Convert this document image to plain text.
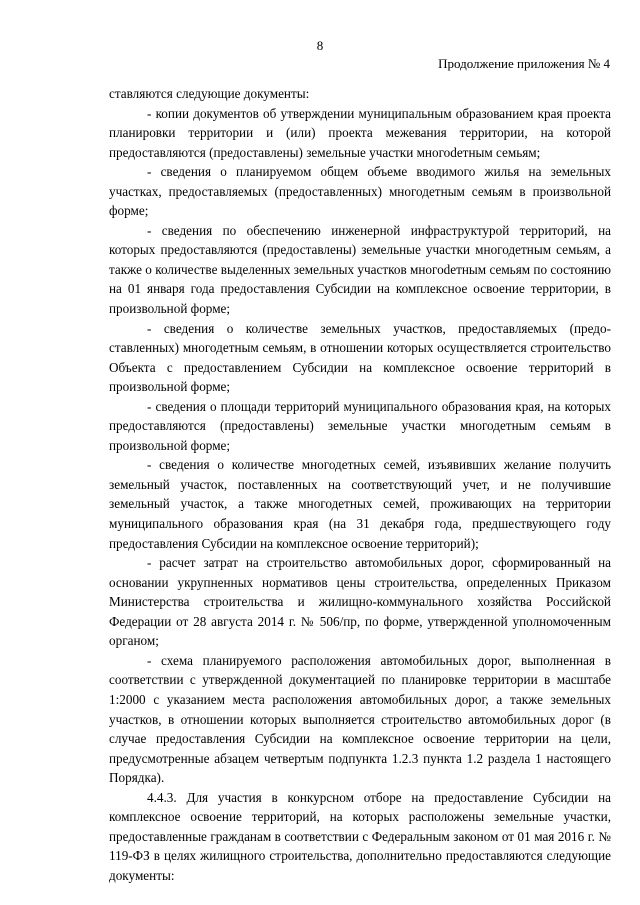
8
Продолжение приложения № 4

ставляются следующие документы:

- копии документов об утверждении муниципальным образованием края проекта планировки территории и (или) проекта межевания территории, на которой предоставляются (предоставлены) земельные участки многоdетным семьям;

- сведения о планируемом общем объеме вводимого жилья на земельных участках, предоставляемых (предоставленных) многодетным семьям в произвольной форме;

- сведения по обеспечению инженерной инфраструктурой территорий, на которых предоставляются (предоставлены) земельные участки многодетным семьям, а также о количестве выделенных земельных участков многоdетным семьям по состоянию на 01 января года предоставления Субсидии на комплексное освоение территории, в произвольной форме;

- сведения о количестве земельных участков, предоставляемых (предоставленных) многодетным семьям, в отношении которых осуществляется строительство Объекта с предоставлением Субсидии на комплексное освоение территорий в произвольной форме;

- сведения о площади территорий муниципального образования края, на которых предоставляются (предоставлены) земельные участки многодетным семьям в произвольной форме;

- сведения о количестве многодетных семей, изъявивших желание получить земельный участок, поставленных на соответствующий учет, и не получившие земельный участок, а также многодетных семей, проживающих на территории муниципального образования края (на 31 декабря года, предшествующего году предоставления Субсидии на комплексное освоение территорий);

- расчет затрат на строительство автомобильных дорог, сформированный на основании укрупненных нормативов цены строительства, определенных Приказом Министерства строительства и жилищно-коммунального хозяйства Российской Федерации от 28 августа 2014 г. № 506/пр, по форме, утвержденной уполномоченным органом;

- схема планируемого расположения автомобильных дорог, выполненная в соответствии с утвержденной документацией по планировке территории в масштабе 1:2000 с указанием места расположения автомобильных дорог, а также земельных участков, в отношении которых выполняется строительство автомобильных дорог (в случае предоставления Субсидии на комплексное освоение территории на цели, предусмотренные абзацем четвертым подпункта 1.2.3 пункта 1.2 раздела 1 настоящего Порядка).

4.4.3. Для участия в конкурсном отборе на предоставление Субсидии на комплексное освоение территорий, на которых расположены земельные участки, предоставленные гражданам в соответствии с Федеральным законом от 01 мая 2016 г. № 119-ФЗ в целях жилищного строительства, дополнительно предоставляются следующие документы:
